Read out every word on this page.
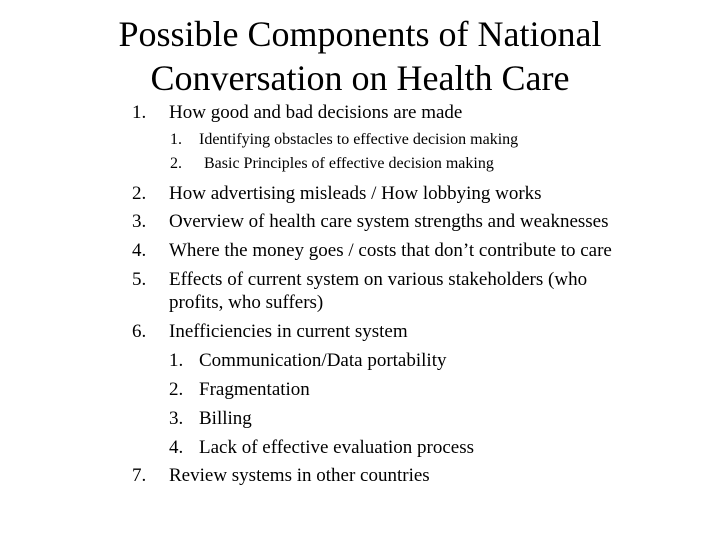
Possible Components of National
Conversation on Health Care
1.	How good and bad decisions are made
1.	Identifying obstacles to effective decision making
2.	Basic Principles of effective decision making
2.	How advertising misleads / How lobbying works
3.	Overview of health care system strengths and weaknesses
4.	Where the money goes / costs that don’t contribute to care
5.	Effects of current system on various stakeholders (who
profits, who suffers)
6.	Inefficiencies in current system
1. Communication/Data portability
2. Fragmentation
3. Billing
4. Lack of effective evaluation process
7.	Review systems in other countries
